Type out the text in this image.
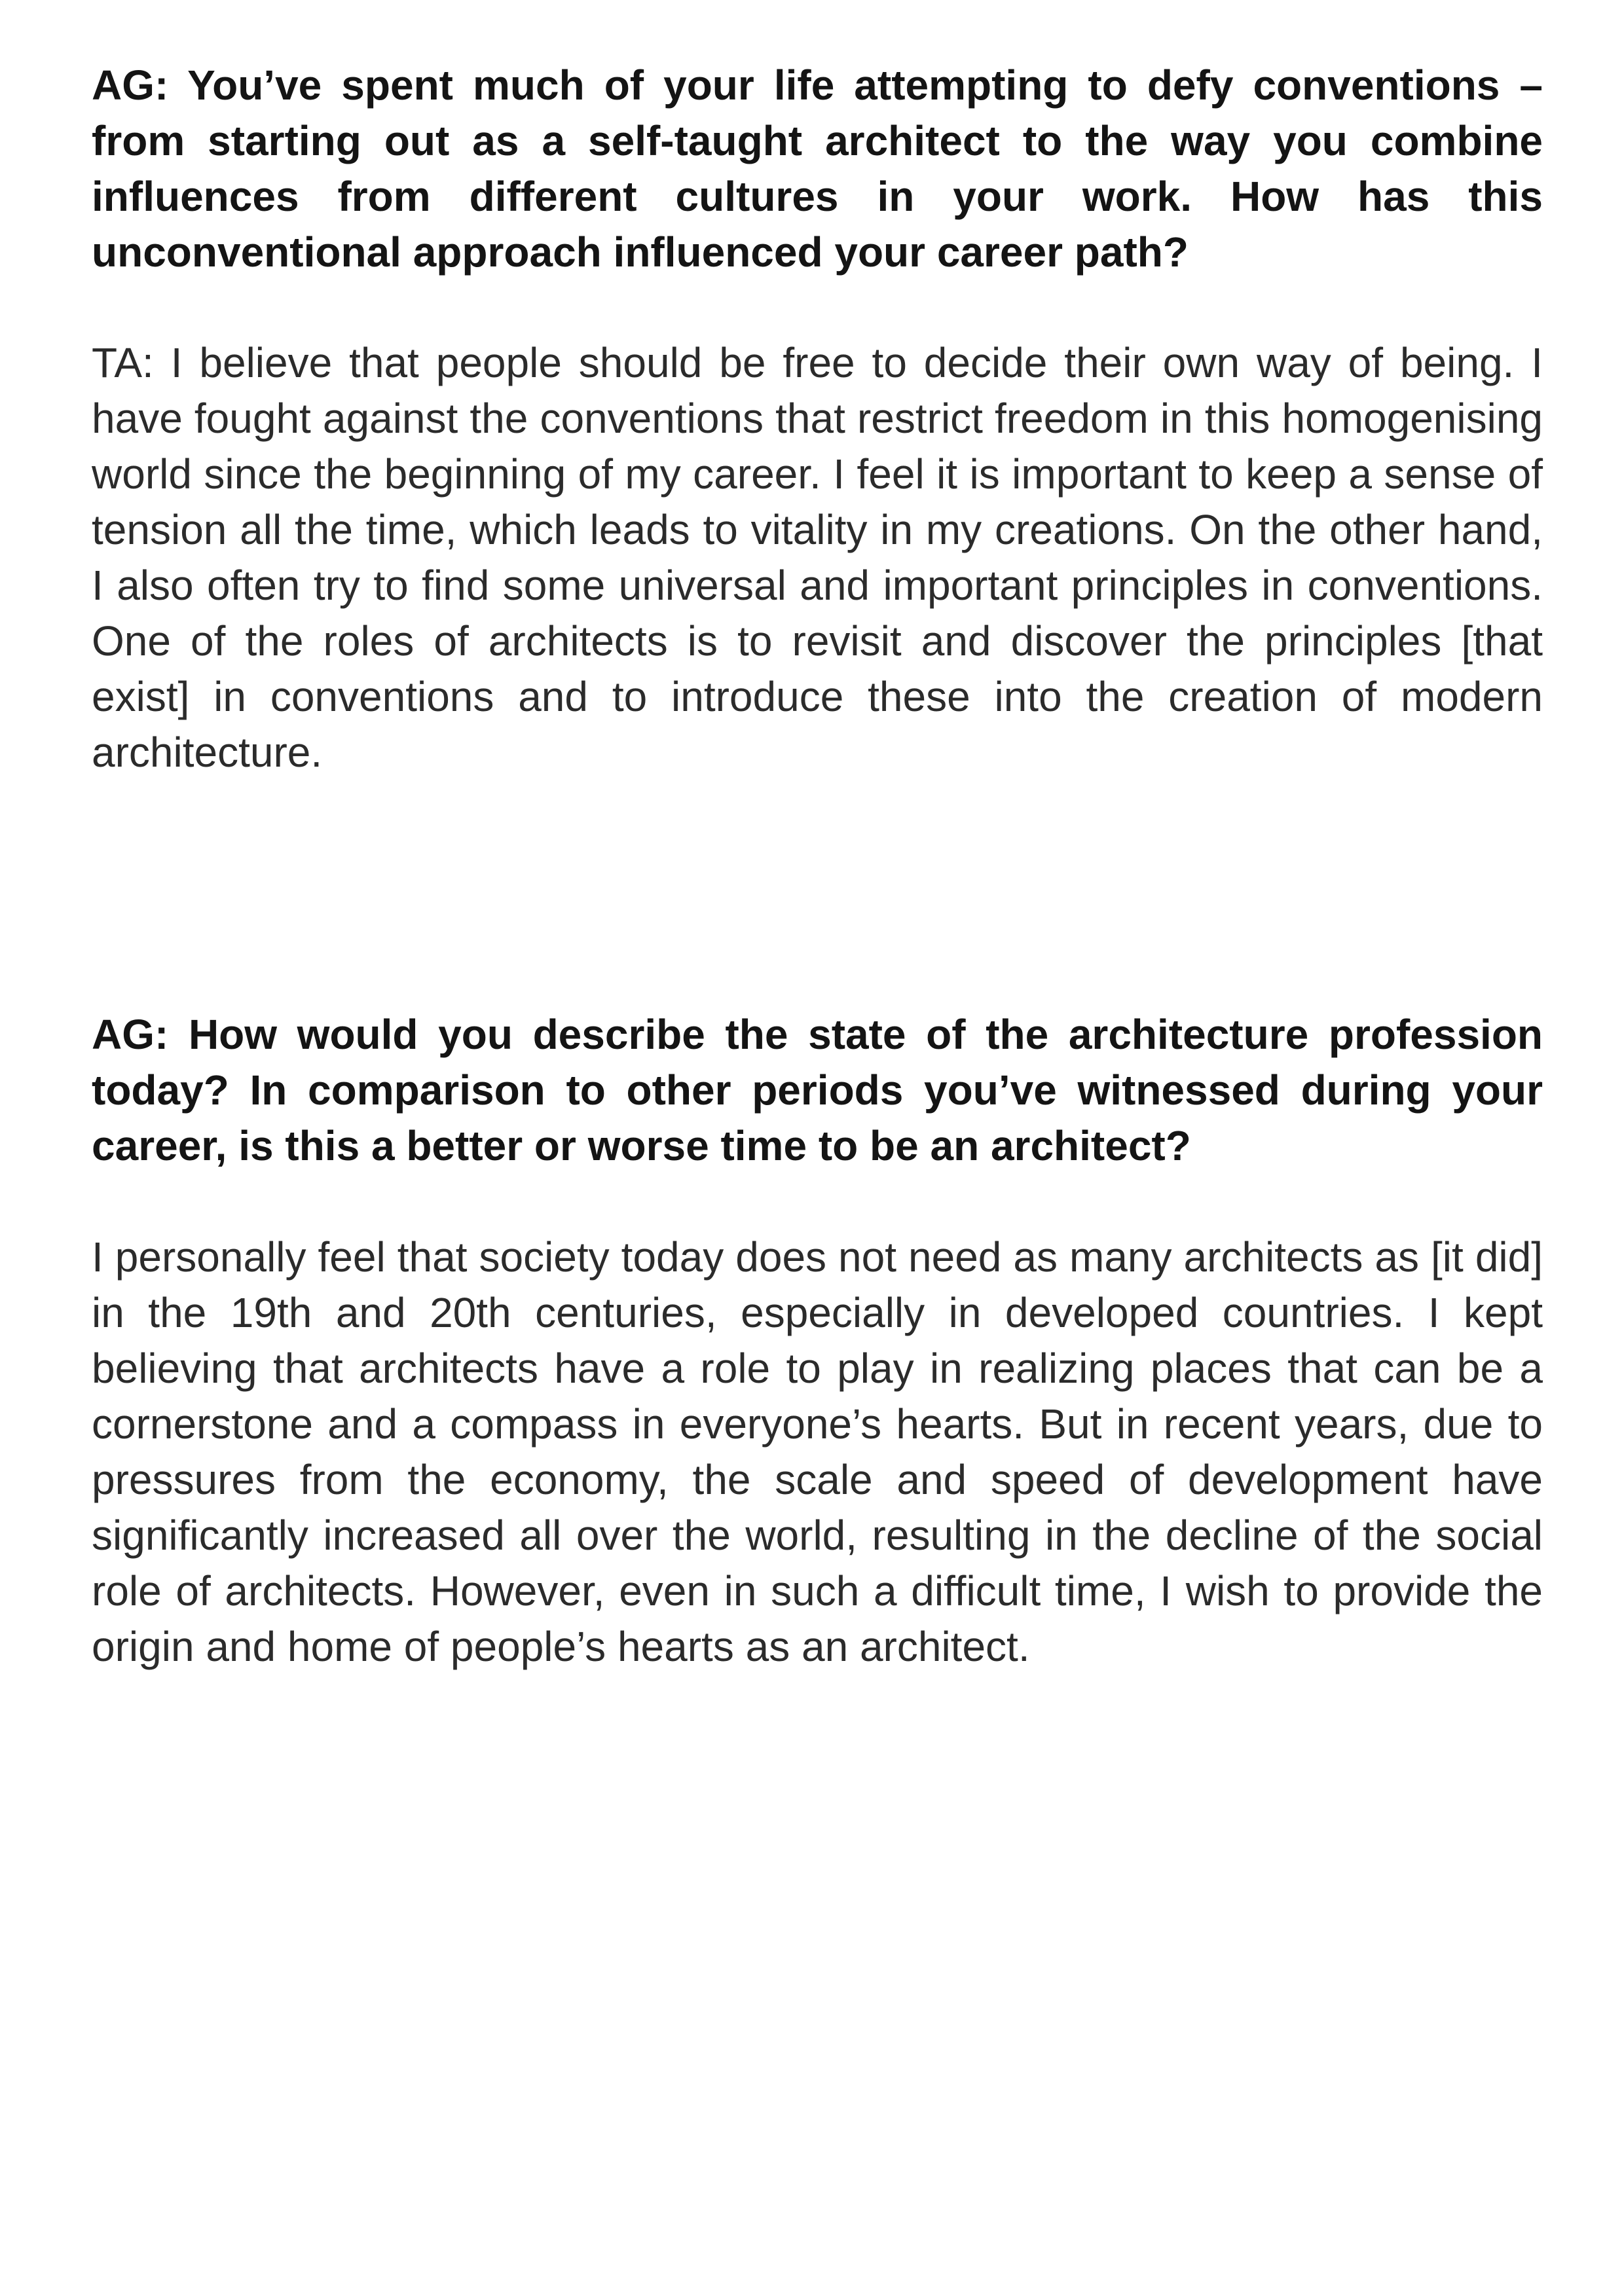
AG: You’ve spent much of your life attempting to defy conventions – from starting out as a self-taught architect to the way you combine influences from different cultures in your work. How has this unconventional approach influenced your career path?

TA: I believe that people should be free to decide their own way of being. I have fought against the conventions that restrict freedom in this homogenising world since the beginning of my career. I feel it is important to keep a sense of tension all the time, which leads to vitality in my creations. On the other hand, I also often try to find some universal and important principles in conventions. One of the roles of architects is to revisit and discover the principles [that exist] in conventions and to introduce these into the creation of modern architecture.

AG: How would you describe the state of the architecture profession today? In comparison to other periods you’ve witnessed during your career, is this a better or worse time to be an architect?

I personally feel that society today does not need as many architects as [it did] in the 19th and 20th centuries, especially in developed countries. I kept believing that architects have a role to play in realizing places that can be a cornerstone and a compass in everyone’s hearts. But in recent years, due to pressures from the economy, the scale and speed of development have significantly increased all over the world, resulting in the decline of the social role of architects. However, even in such a difficult time, I wish to provide the origin and home of people’s hearts as an architect.
